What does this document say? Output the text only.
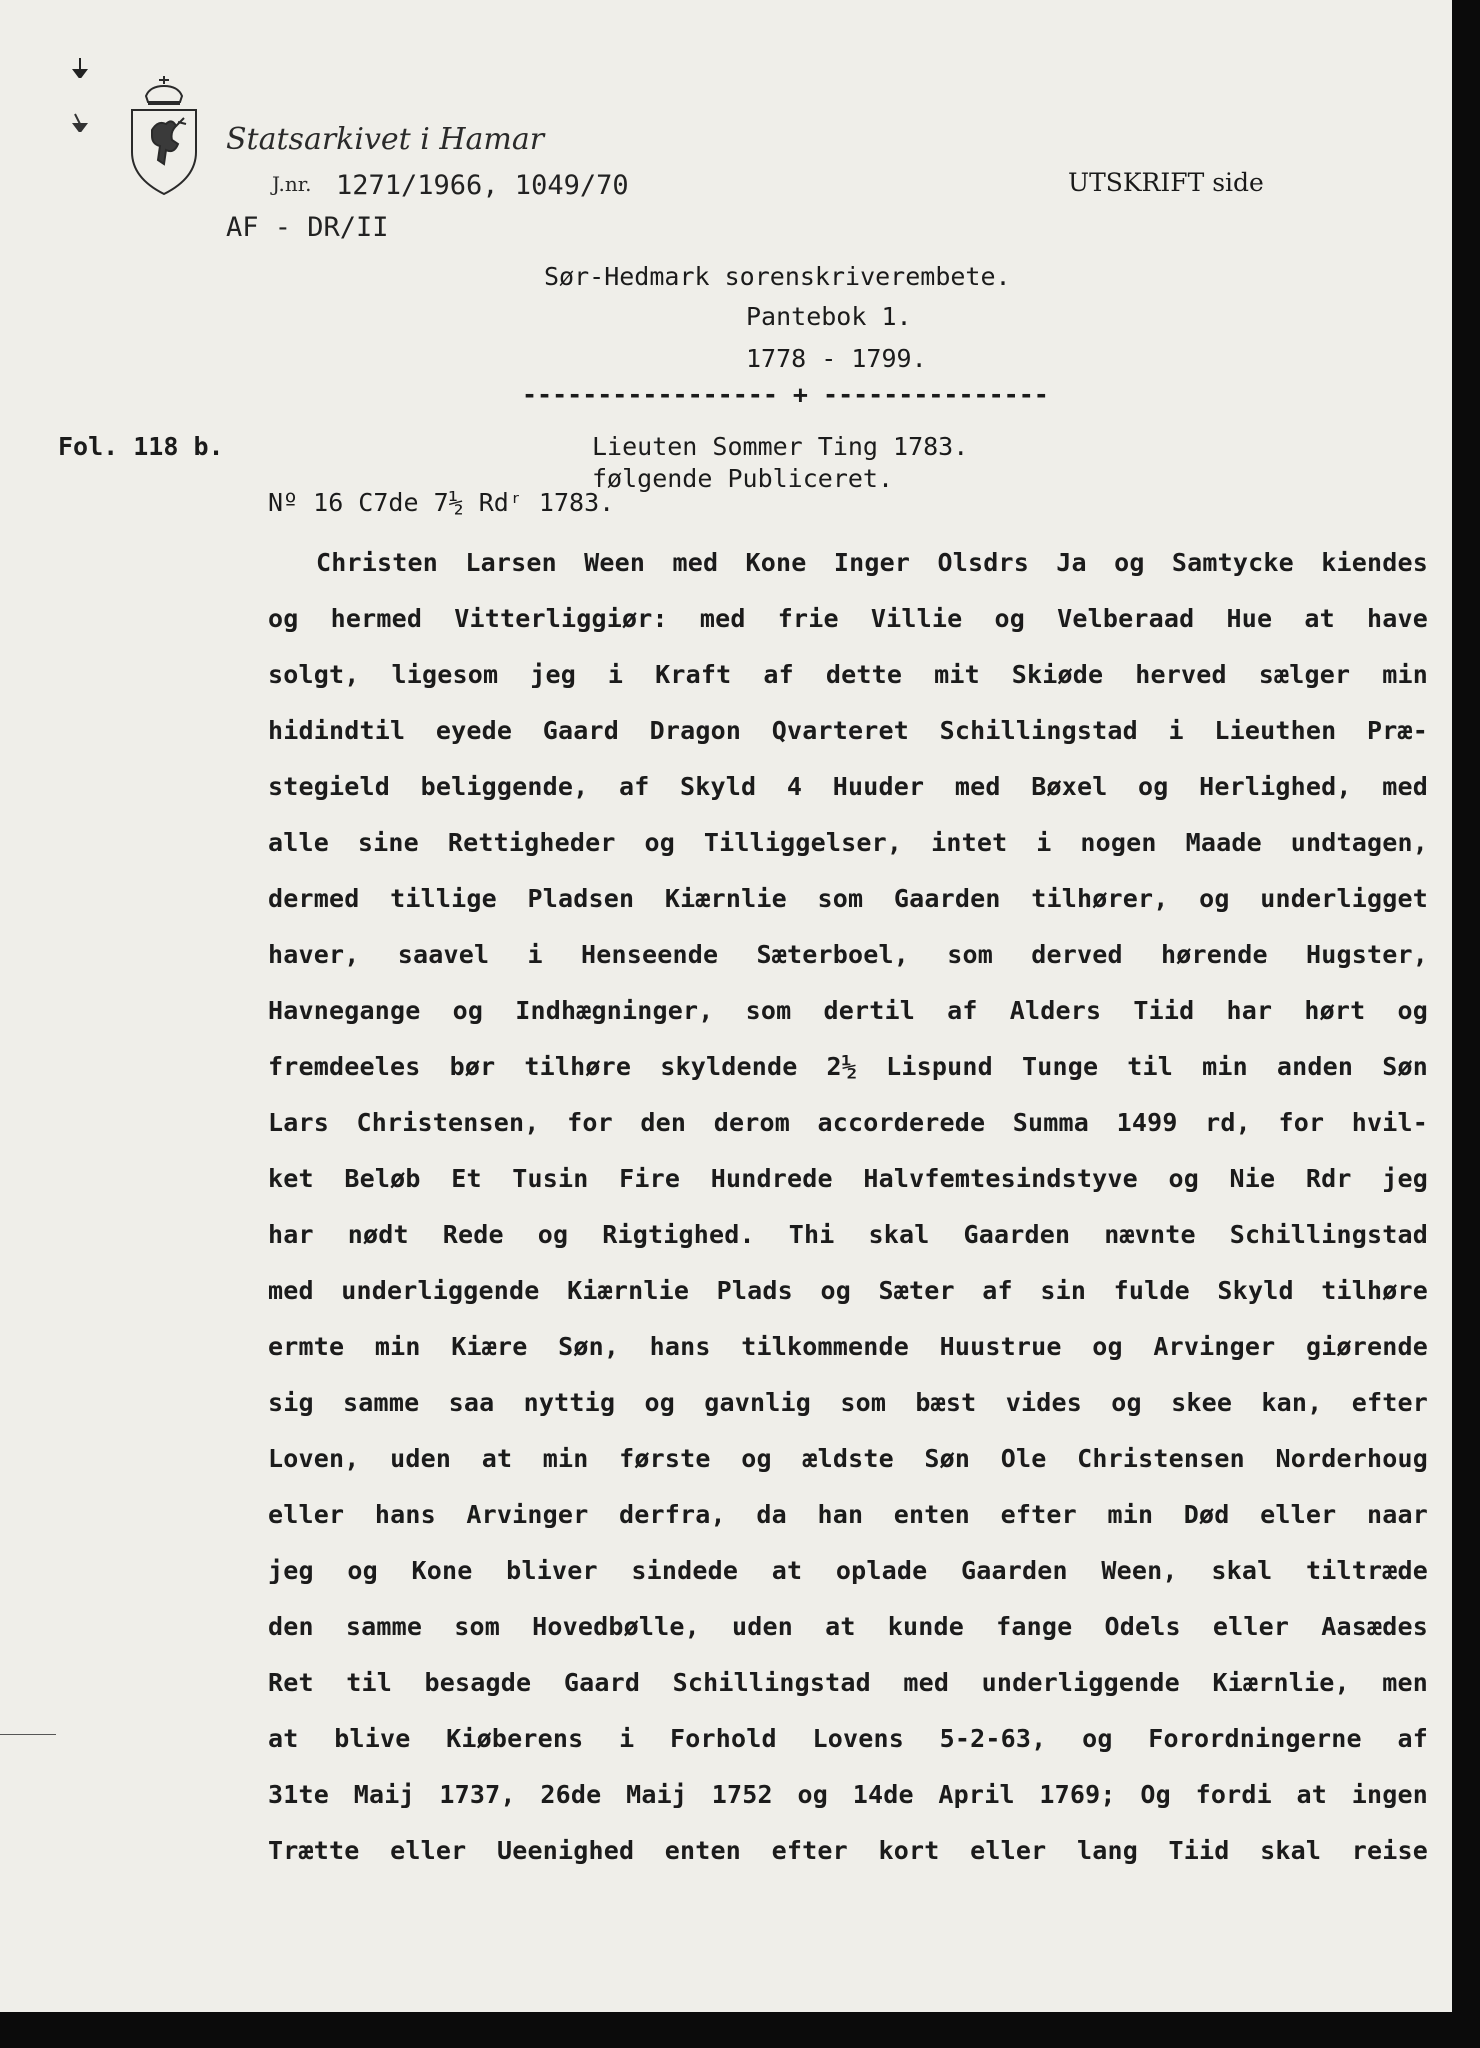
Statsarkivet i Hamar
J.nr. 1271/1966, 1049/70
AF - DR/II
UTSKRIFT side
Sør-Hedmark sorenskriverembete.
Pantebok 1.
1778 - 1799.
----------------- + ---------------
Fol. 118 b.	Lieuten Sommer Ting 1783.
følgende Publiceret.
Nº 16 C7de 7½ Rdʳ 1783.
Christen Larsen Ween med Kone Inger Olsdrs Ja og Samtycke kiendes
og hermed Vitterliggiør: med frie Villie og Velberaad Hue at have
solgt, ligesom jeg i Kraft af dette mit Skiøde herved sælger min
hidindtil eyede Gaard Dragon Qvarteret Schillingstad i Lieuthen Præ-
stegield beliggende, af Skyld 4 Huuder med Bøxel og Herlighed, med
alle sine Rettigheder og Tilliggelser, intet i nogen Maade undtagen,
dermed tillige Pladsen Kiærnlie som Gaarden tilhører, og underligget
haver, saavel i Henseende Sæterboel, som derved hørende Hugster,
Havnegange og Indhægninger, som dertil af Alders Tiid har hørt og
fremdeeles bør tilhøre skyldende 2½ Lispund Tunge til min anden Søn
Lars Christensen, for den derom accorderede Summa 1499 rd, for hvil-
ket Beløb Et Tusin Fire Hundrede Halvfemtesindstyve og Nie Rdr jeg
har nødt Rede og Rigtighed. Thi skal Gaarden nævnte Schillingstad
med underliggende Kiærnlie Plads og Sæter af sin fulde Skyld tilhøre
ermte min Kiære Søn, hans tilkommende Huustrue og Arvinger giørende
sig samme saa nyttig og gavnlig som bæst vides og skee kan, efter
Loven, uden at min første og ældste Søn Ole Christensen Norderhoug
eller hans Arvinger derfra, da han enten efter min Død eller naar
jeg og Kone bliver sindede at oplade Gaarden Ween, skal tiltræde
den samme som Hovedbølle, uden at kunde fange Odels eller Aasædes
Ret til besagde Gaard Schillingstad med underliggende Kiærnlie, men
at blive Kiøberens i Forhold Lovens 5-2-63, og Forordningerne af
31te Maij 1737, 26de Maij 1752 og 14de April 1769; Og fordi at ingen
Trætte eller Ueenighed enten efter kort eller lang Tiid skal reise
